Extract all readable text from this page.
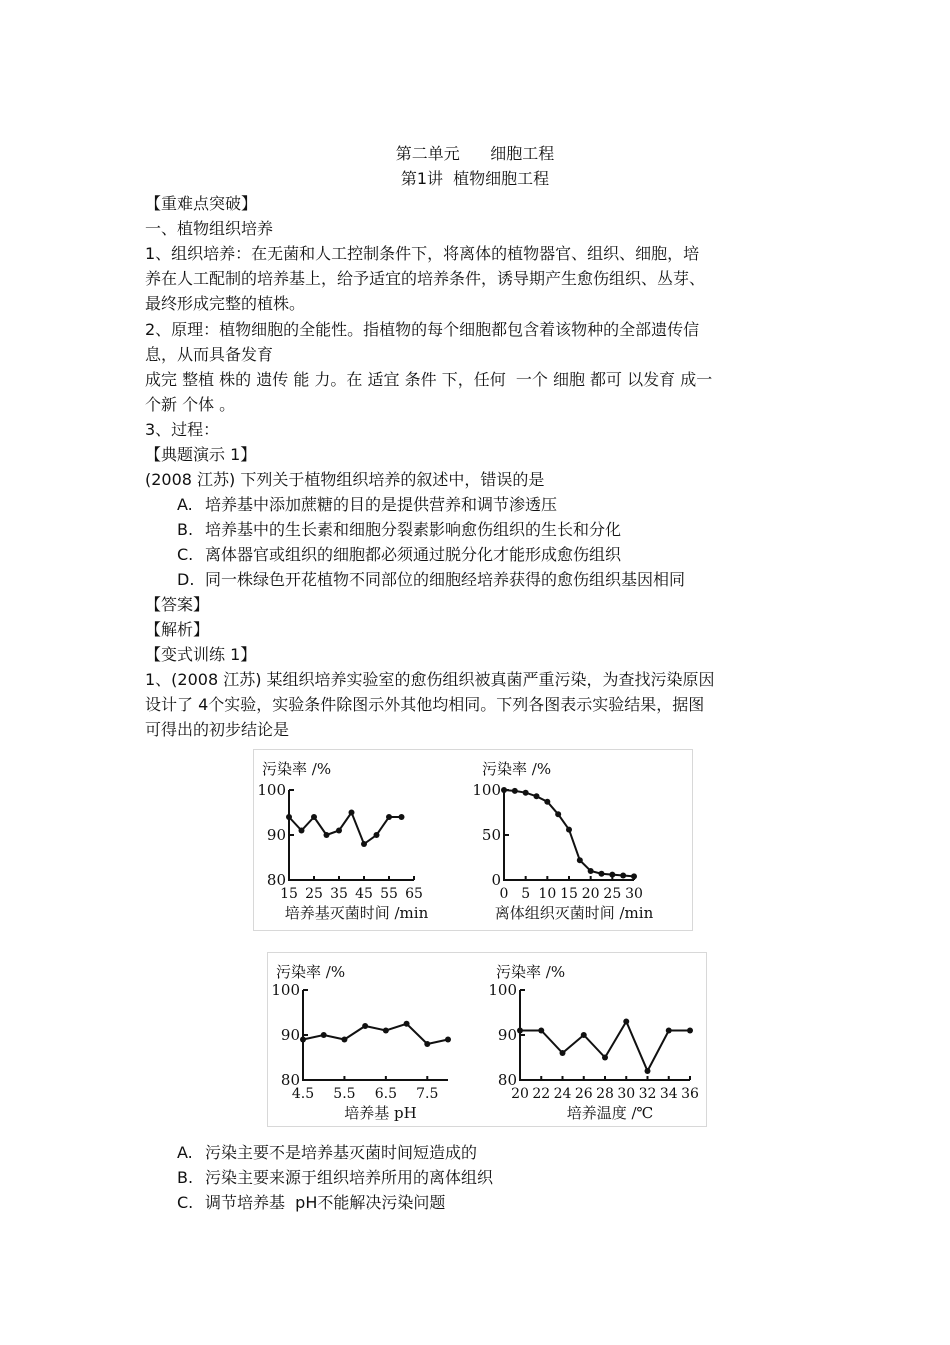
第二单元      细胞工程
第1讲  植物细胞工程
【重难点突破】
一、植物组织培养
1、组织培养：在无菌和人工控制条件下，将离体的植物器官、组织、细胞，培
养在人工配制的培养基上，给予适宜的培养条件，诱导期产生愈伤组织、丛芽、
最终形成完整的植株。
2、原理：植物细胞的全能性。指植物的每个细胞都包含着该物种的全部遗传信
息，从而具备发育
成完 整植 株的 遗传 能 力。在 适宜 条件 下，任何  一个 细胞 都可 以发育 成一
个新 个体 。
3、过程：
【典题演示 1】
(2008 江苏) 下列关于植物组织培养的叙述中，错误的是
A. 培养基中添加蔗糖的目的是提供营养和调节渗透压
B. 培养基中的生长素和细胞分裂素影响愈伤组织的生长和分化
C. 离体器官或组织的细胞都必须通过脱分化才能形成愈伤组织
D. 同一株绿色开花植物不同部位的细胞经培养获得的愈伤组织基因相同
【答案】
【解析】
【变式训练 1】
1、(2008 江苏) 某组织培养实验室的愈伤组织被真菌严重污染，为查找污染原因
设计了 4个实验，实验条件除图示外其他均相同。下列各图表示实验结果，据图
可得出的初步结论是
污染率 /%
100
90
80
15 25 35 45 55 65
培养基灭菌时间 /min
污染率 /%
100
50
0
0 5 10 15 20 25 30
离体组织灭菌时间 /min
污染率 /%
100
90
80
4.5 5.5 6.5 7.5
培养基 pH
污染率 /%
100
90
80
20 22 24 26 28 30 32 34 36
培养温度 /℃
A. 污染主要不是培养基灭菌时间短造成的
B. 污染主要来源于组织培养所用的离体组织
C. 调节培养基  pH不能解决污染问题
